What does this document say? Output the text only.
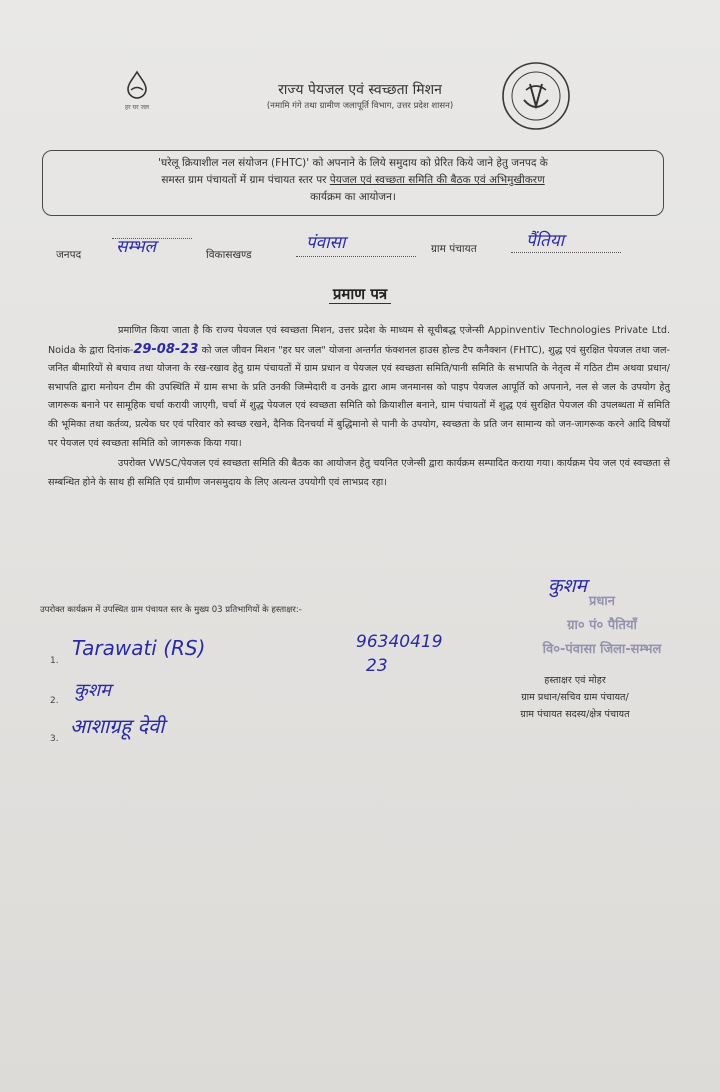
हर घर जल
राज्य पेयजल एवं स्वच्छता मिशन
(नमामि गंगे तथा ग्रामीण जलापूर्ति विभाग, उत्तर प्रदेश शासन)
'घरेलू क्रियाशील नल संयोजन (FHTC)' को अपनाने के लिये समुदाय को प्रेरित किये जाने हेतु जनपद के
समस्त ग्राम पंचायतों में ग्राम पंचायत स्तर पर पेयजल एवं स्वच्छता समिति की बैठक एवं अभिमुखीकरण
कार्यक्रम का आयोजन।
जनपद सम्भल	विकासखण्ड
पंवासा	ग्राम पंचायत	पैंतिया
प्रमाण पत्र

प्रमाणित किया जाता है कि राज्य पेयजल एवं स्वच्छता मिशन, उत्तर प्रदेश के माध्यम से सूचीबद्ध एजेन्सी Appinventiv Technologies Private Ltd. Noida के द्वारा दिनांक-29-08-23 को जल जीवन मिशन "हर घर जल" योजना अन्तर्गत फंक्शनल हाउस होल्ड टैप कनैक्शन (FHTC), शुद्ध एवं सुरक्षित पेयजल तथा जल-जनित बीमारियों से बचाव तथा योजना के रख-रखाव हेतु ग्राम पंचायतों में ग्राम प्रधान व पेयजल एवं स्वच्छता समिति/पानी समिति के सभापति के नेतृत्व में गठित टीम अथवा प्रधान/सभापति द्वारा मनोयन टीम की उपस्थिति में ग्राम सभा के प्रति उनकी जिम्मेदारी व उनके द्वारा आम जनमानस को पाइप पेयजल आपूर्ति को अपनाने, नल से जल के उपयोग हेतु जागरूक बनाने पर सामूहिक चर्चा करायी जाएगी, चर्चा में शुद्ध पेयजल एवं स्वच्छता समिति को क्रियाशील बनाने, ग्राम पंचायतों में शुद्ध एवं सुरक्षित पेयजल की उपलब्धता में समिति की भूमिका तथा कर्तव्य, प्रत्येक घर एवं परिवार को स्वच्छ रखने, दैनिक दिनचर्या में बुद्धिमानो से पानी के उपयोग, स्वच्छता के प्रति जन सामान्य को जन-जागरूक करने आदि विषयों पर पेयजल एवं स्वच्छता समिति को जागरूक किया गया।

उपरोक्त VWSC/पेयजल एवं स्वच्छता समिति की बैठक का आयोजन हेतु चयनित एजेन्सी द्वारा कार्यक्रम सम्पादित कराया गया। कार्यक्रम पेय जल एवं स्वच्छता से सम्बन्धित होने के साथ ही समिति एवं ग्रामीण जनसमुदाय के लिए अत्यन्त उपयोगी एवं लाभप्रद रहा।

उपरोक्त कार्यक्रम में उपस्थित ग्राम पंचायत स्तर के मुख्य 03 प्रतिभागियों के हस्ताक्षर:-
1.
Tarawati (RS)	96340419
23
2. कुशम
3.
आशाग्रहू देवी
कुशम
प्रधान
ग्रा० पं० पैतियाँ
वि०-पंवासा जिला-सम्भल
हस्ताक्षर एवं मोहर
ग्राम प्रधान/सचिव ग्राम पंचायत/
ग्राम पंचायत सदस्य/क्षेत्र पंचायत
